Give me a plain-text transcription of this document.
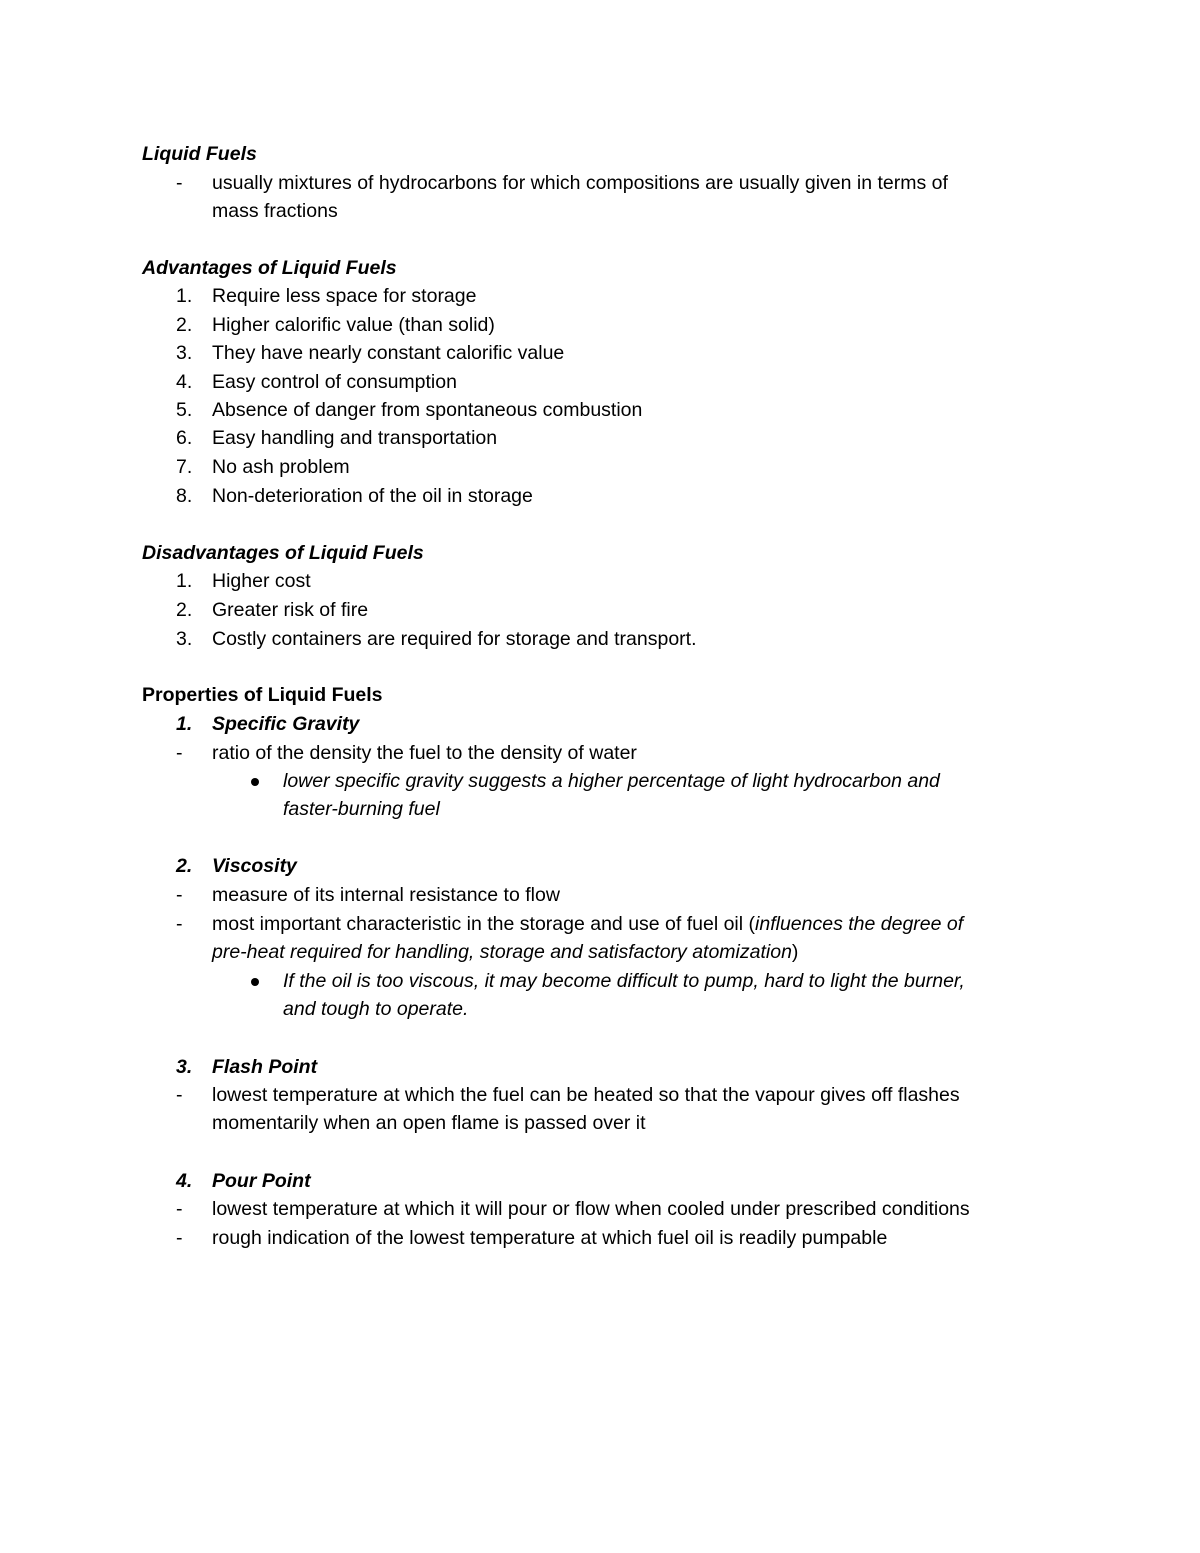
Liquid Fuels
- usually mixtures of hydrocarbons for which compositions are usually given in terms of
mass fractions
Advantages of Liquid Fuels
1. Require less space for storage
2. Higher calorific value (than solid)
3. They have nearly constant calorific value
4. Easy control of consumption
5. Absence of danger from spontaneous combustion
6. Easy handling and transportation
7. No ash problem
8. Non-deterioration of the oil in storage
Disadvantages of Liquid Fuels
1. Higher cost
2. Greater risk of fire
3. Costly containers are required for storage and transport.
Properties of Liquid Fuels
1. Specific Gravity
- ratio of the density the fuel to the density of water
lower specific gravity suggests a higher percentage of light hydrocarbon and
faster-burning fuel
2. Viscosity
- measure of its internal resistance to flow
- most important characteristic in the storage and use of fuel oil (influences the degree of
pre-heat required for handling, storage and satisfactory atomization)
If the oil is too viscous, it may become difficult to pump, hard to light the burner,
and tough to operate.
3. Flash Point
- lowest temperature at which the fuel can be heated so that the vapour gives off flashes
momentarily when an open flame is passed over it
4. Pour Point
- lowest temperature at which it will pour or flow when cooled under prescribed conditions
- rough indication of the lowest temperature at which fuel oil is readily pumpable
